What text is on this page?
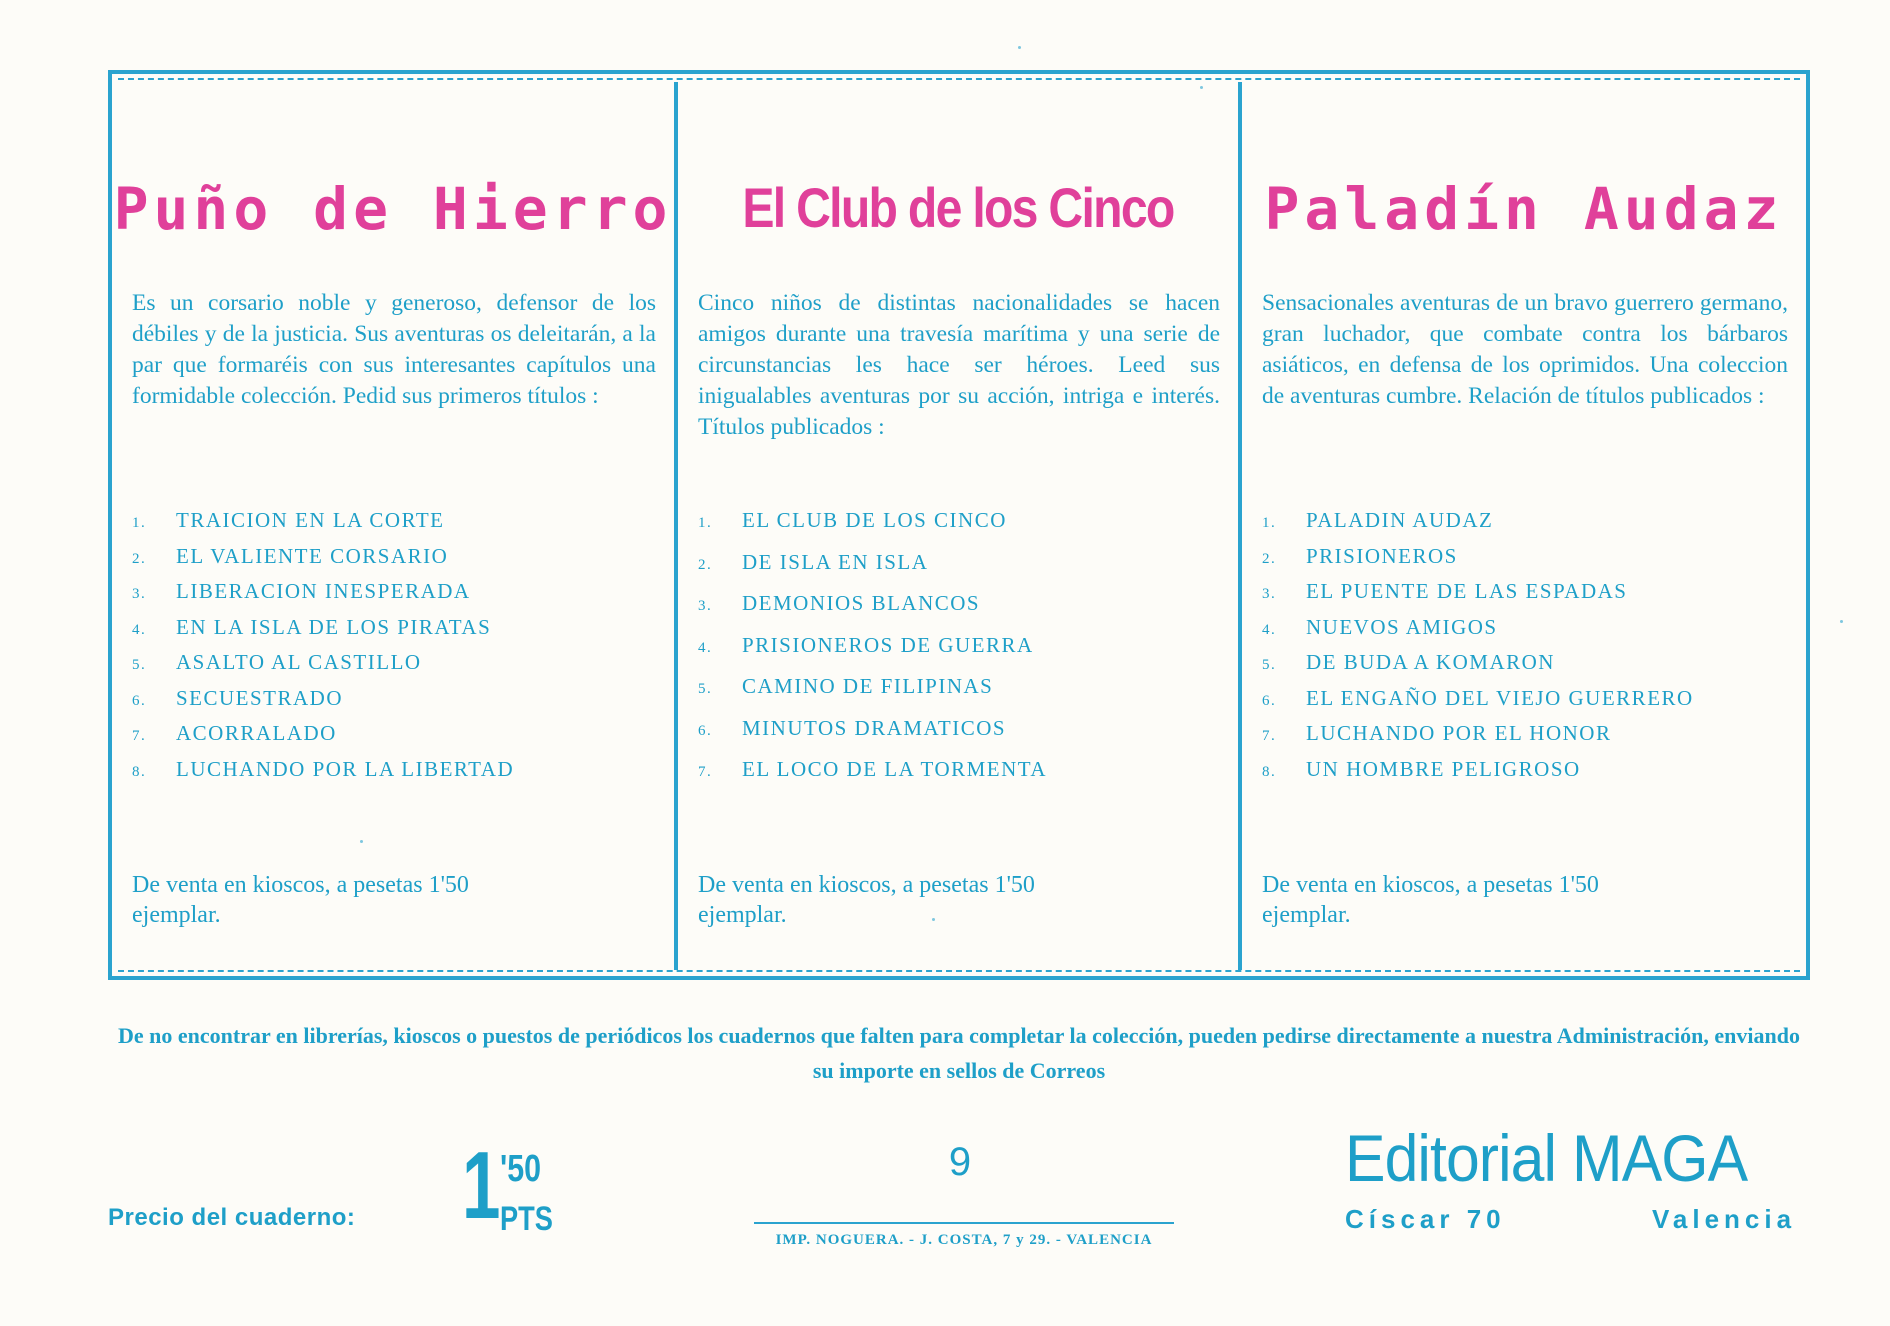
Puño de Hierro
Es un corsario noble y generoso, defensor de los débiles y de la justicia. Sus aventuras os deleitarán, a la par que formaréis con sus interesantes capítulos una formidable colección. Pedid sus primeros títulos :
1.	TRAICION EN LA CORTE
2.	EL VALIENTE CORSARIO
3.	LIBERACION INESPERADA
4.	EN LA ISLA DE LOS PIRATAS
5.	ASALTO AL CASTILLO
6.	SECUESTRADO
7.	ACORRALADO
8.	LUCHANDO POR LA LIBERTAD
De venta en kioscos, a pesetas 1'50
ejemplar.
El Club de los Cinco
Cinco niños de distintas nacionalidades se hacen amigos durante una travesía marítima y una serie de circunstancias les hace ser héroes. Leed sus inigualables aventuras por su acción, intriga e interés. Títulos publicados :
1.	EL CLUB DE LOS CINCO
2.	DE ISLA EN ISLA
3.	DEMONIOS BLANCOS
4.	PRISIONEROS DE GUERRA
5.	CAMINO DE FILIPINAS
6.	MINUTOS DRAMATICOS
7.	EL LOCO DE LA TORMENTA
De venta en kioscos, a pesetas 1'50
ejemplar.
Paladín Audaz
Sensacionales aventuras de un bravo guerrero germano, gran luchador, que combate contra los bárbaros asiáticos, en defensa de los oprimidos. Una coleccion de aventuras cumbre. Relación de títulos publicados :
1.	PALADIN AUDAZ
2.	PRISIONEROS
3.	EL PUENTE DE LAS ESPADAS
4.	NUEVOS AMIGOS
5.	DE BUDA A KOMARON
6.	EL ENGAÑO DEL VIEJO GUERRERO
7.	LUCHANDO POR EL HONOR
8.	UN HOMBRE PELIGROSO
De venta en kioscos, a pesetas 1'50
ejemplar.
De no encontrar en librerías, kioscos o puestos de periódicos los cuadernos que falten para completar la colección, pueden pedirse directamente a nuestra Administración, enviando su importe en sellos de Correos
Precio del cuaderno: 1 '50
PTS
9
IMP. NOGUERA. - J. COSTA, 7 y 29. - VALENCIA
Editorial MAGA
Císcar 70	Valencia
